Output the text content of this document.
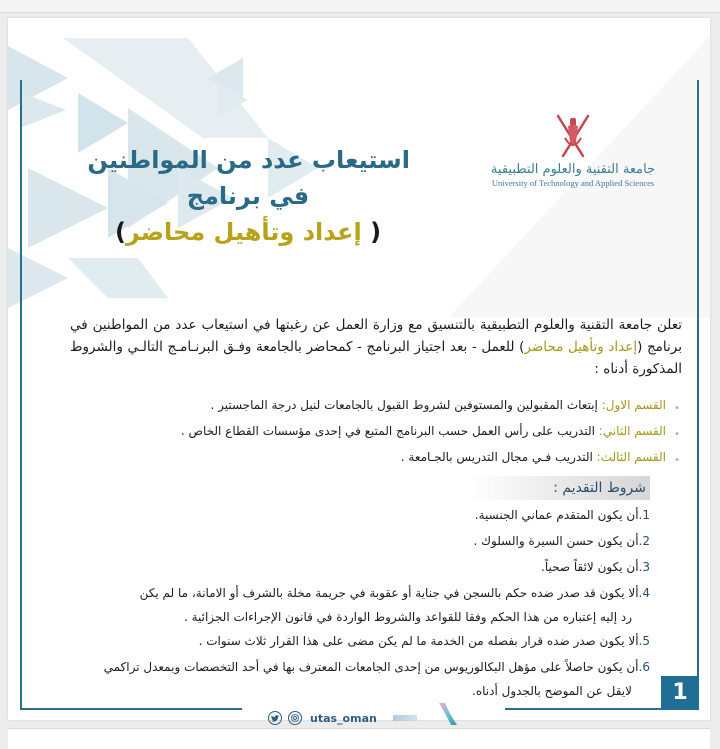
جامعة التقنية والعلوم التطبيقية
University of Technology and Applied Sciences
استيعاب عدد من المواطنين
في برنامج
( إعداد وتأهيل محاضر)
تعلن جامعة التقنية والعلوم التطبيقية بالتنسيق مع وزارة العمل عن رغبتها في استيعاب عدد من المواطنين في برنامج (إعداد وتأهيل محاضر) للعمل - بعد اجتياز البرنامج - كمحاضر بالجامعة وفـق البرنـامـج التالـي والشروط المذكورة أدناه :
•
القسم الاول: إبتعاث المقبولين والمستوفين لشروط القبول بالجامعات لنيل درجة الماجستير .
•
القسم الثاني: التدريب على رأس العمل حسب البرنامج المتبع في إحدى مؤسسات القطاع الخاص .
•
القسم الثالث: التدريب فـي مجال التدريس بالجـامعة .
شروط التقديم :
1.أن يكون المتقدم عماني الجنسية.
2.أن يكون حسن السيرة والسلوك .
3.أن يكون لائقاً صحياً.
4.ألا يكون قد صدر ضده حكم بالسجن في جناية أو عقوبة في جريمة مخلة بالشرف أو الامانة، ما لم يكن
رد إليه إعتباره من هذا الحكم وفقا للقواعد والشروط الواردة في قانون الإجراءات الجزائية .
5.ألا يكون صدر ضده قرار بفصله من الخدمة ما لم يكن مضى على هذا القرار ثلاث سنوات .
6.أن يكون حاصلاً على مؤهل البكالوريوس من إحدى الجامعات المعترف بها في أحد التخصصات وبمعدل تراكمي
لايقل عن الموضح بالجدول أدناه.	1
utas_oman
